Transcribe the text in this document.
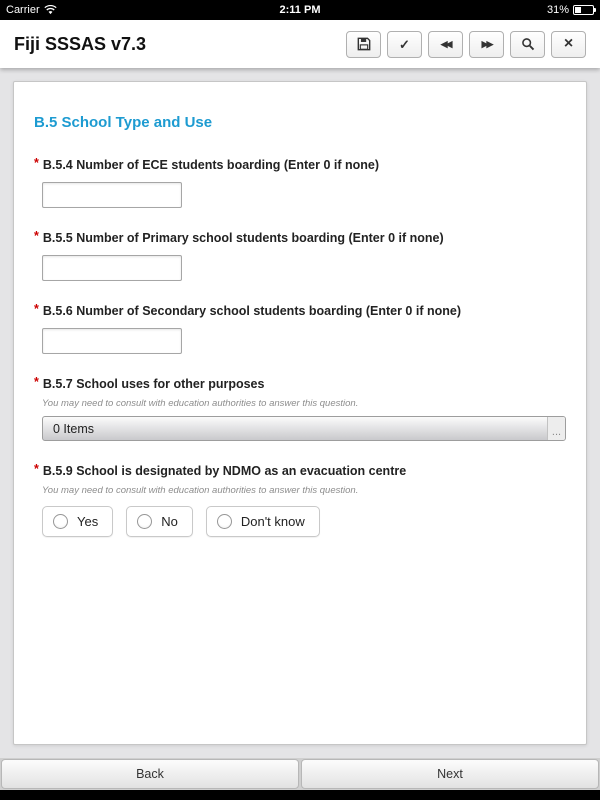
Carrier	2:11 PM	31%
Fiji SSSAS v7.3	✓	◀◀	▶▶	×
B.5 School Type and Use
* B.5.4 Number of ECE students boarding (Enter 0 if none)
* B.5.5 Number of Primary school students boarding (Enter 0 if none)
* B.5.6 Number of Secondary school students boarding (Enter 0 if none)
* B.5.7 School uses for other purposes
You may need to consult with education authorities to answer this question.
0 Items	...
* B.5.9 School is designated by NDMO as an evacuation centre
You may need to consult with education authorities to answer this question.
Yes	No	Don't know
Back	Next
